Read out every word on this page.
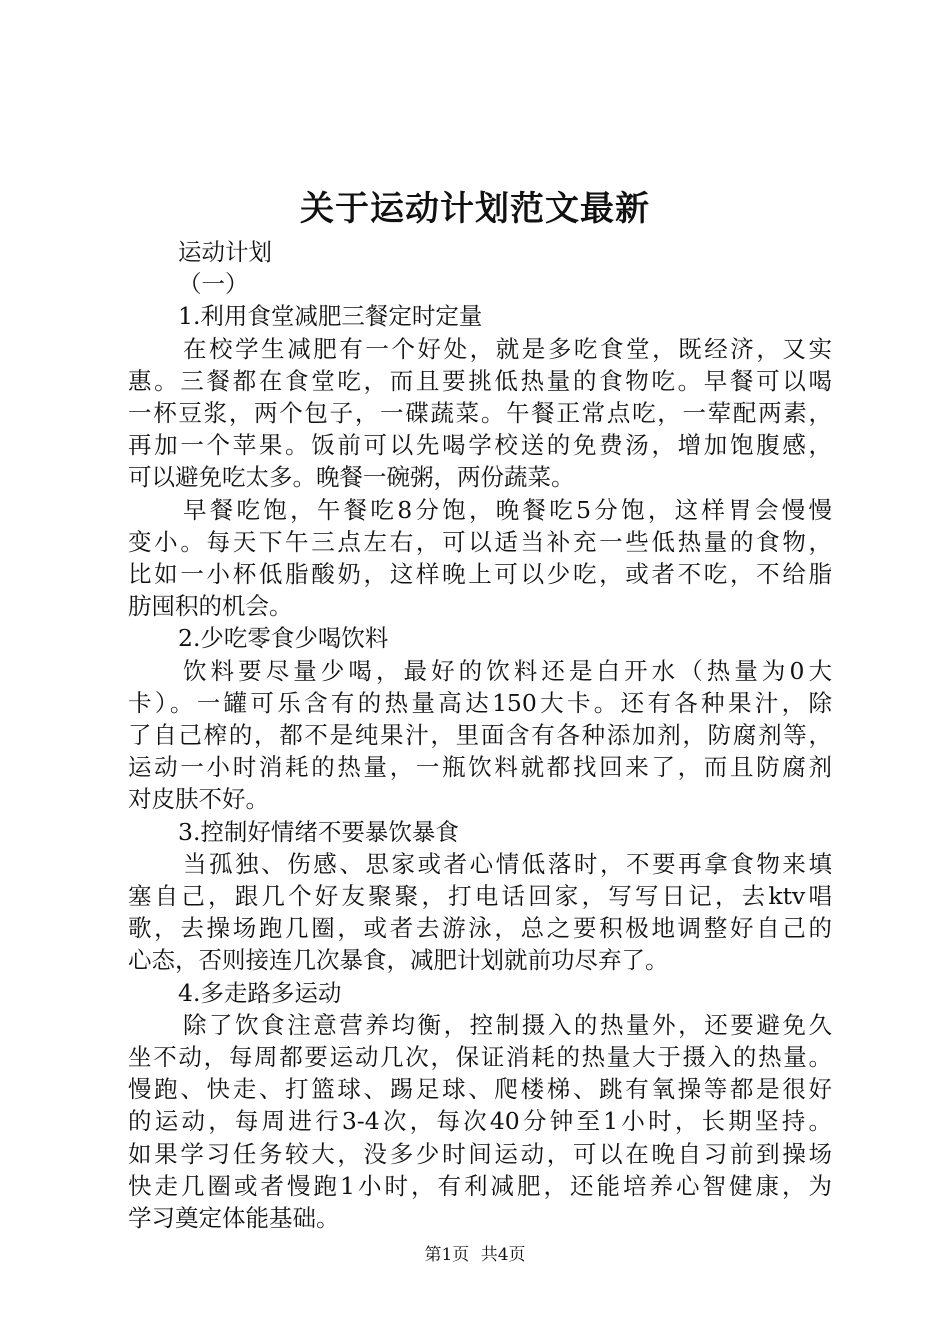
关于运动计划范文最新
运动计划
（一）
1.利用食堂减肥三餐定时定量
在校学生减肥有一个好处，就是多吃食堂，既经济，又实
惠。三餐都在食堂吃，而且要挑低热量的食物吃。早餐可以喝
一杯豆浆，两个包子，一碟蔬菜。午餐正常点吃，一荤配两素，
再加一个苹果。饭前可以先喝学校送的免费汤，增加饱腹感，
可以避免吃太多。晚餐一碗粥，两份蔬菜。
早餐吃饱，午餐吃8分饱，晚餐吃5分饱，这样胃会慢慢
变小。每天下午三点左右，可以适当补充一些低热量的食物，
比如一小杯低脂酸奶，这样晚上可以少吃，或者不吃，不给脂
肪囤积的机会。
2.少吃零食少喝饮料
饮料要尽量少喝，最好的饮料还是白开水（热量为0大
卡）。一罐可乐含有的热量高达150大卡。还有各种果汁，除
了自己榨的，都不是纯果汁，里面含有各种添加剂，防腐剂等，
运动一小时消耗的热量，一瓶饮料就都找回来了，而且防腐剂
对皮肤不好。
3.控制好情绪不要暴饮暴食
当孤独、伤感、思家或者心情低落时，不要再拿食物来填
塞自己，跟几个好友聚聚，打电话回家，写写日记，去ktv唱
歌，去操场跑几圈，或者去游泳，总之要积极地调整好自己的
心态，否则接连几次暴食，减肥计划就前功尽弃了。
4.多走路多运动
除了饮食注意营养均衡，控制摄入的热量外，还要避免久
坐不动，每周都要运动几次，保证消耗的热量大于摄入的热量。
慢跑、快走、打篮球、踢足球、爬楼梯、跳有氧操等都是很好
的运动，每周进行3-4次，每次40分钟至1小时，长期坚持。
如果学习任务较大，没多少时间运动，可以在晚自习前到操场
快走几圈或者慢跑1小时，有利减肥，还能培养心智健康，为
学习奠定体能基础。
第1页 共4页
